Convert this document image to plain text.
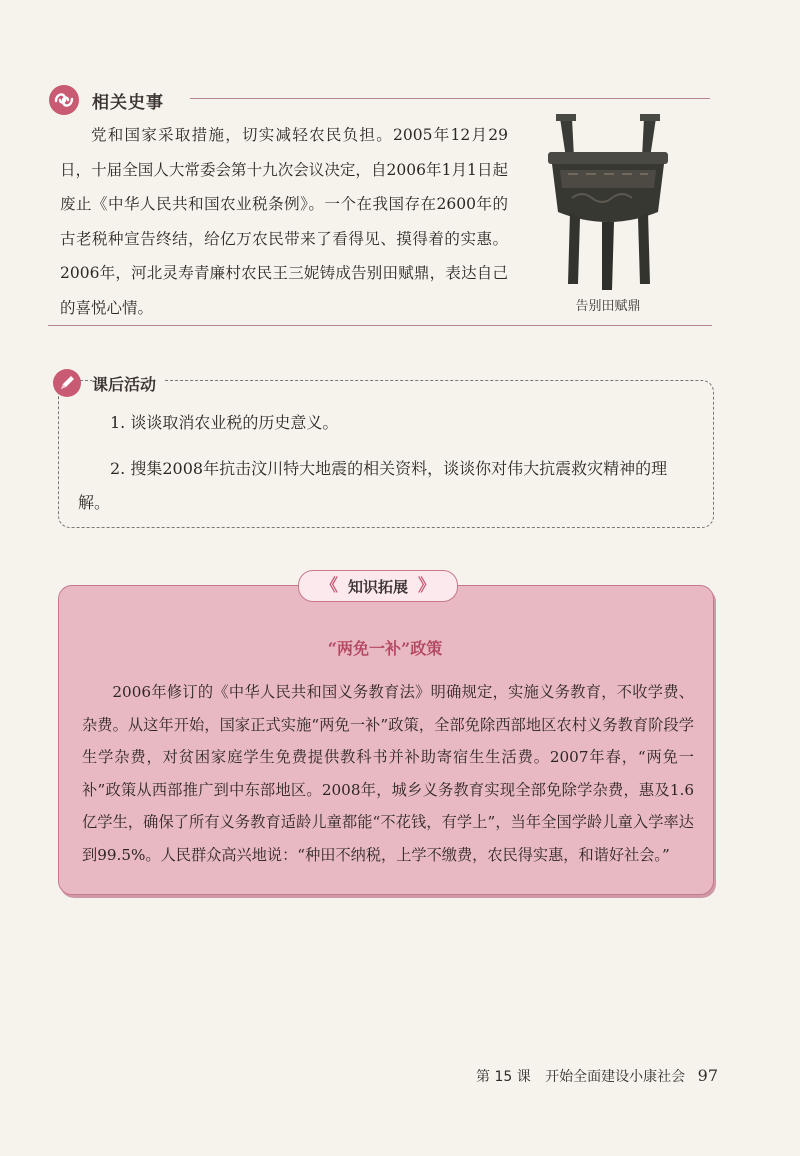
相关史事

党和国家采取措施，切实减轻农民负担。2005年12月29日，十届全国人大常委会第十九次会议决定，自2006年1月1日起废止《中华人民共和国农业税条例》。一个在我国存在2600年的古老税种宣告终结，给亿万农民带来了看得见、摸得着的实惠。2006年，河北灵寿青廉村农民王三妮铸成告别田赋鼎，表达自己的喜悦心情。	告别田赋鼎
课后活动
1. 谈谈取消农业税的历史意义。

2. 搜集2008年抗击汶川特大地震的相关资料，谈谈你对伟大抗震救灾精神的理解。

《 知识拓展 》
“两免一补”政策

2006年修订的《中华人民共和国义务教育法》明确规定，实施义务教育，不收学费、杂费。从这年开始，国家正式实施“两免一补”政策，全部免除西部地区农村义务教育阶段学生学杂费，对贫困家庭学生免费提供教科书并补助寄宿生生活费。2007年春，“两免一补”政策从西部推广到中东部地区。2008年，城乡义务教育实现全部免除学杂费，惠及1.6亿学生，确保了所有义务教育适龄儿童都能“不花钱，有学上”，当年全国学龄儿童入学率达到99.5%。人民群众高兴地说：“种田不纳税，上学不缴费，农民得实惠，和谐好社会。”

第 15 课 开始全面建设小康社会 97
